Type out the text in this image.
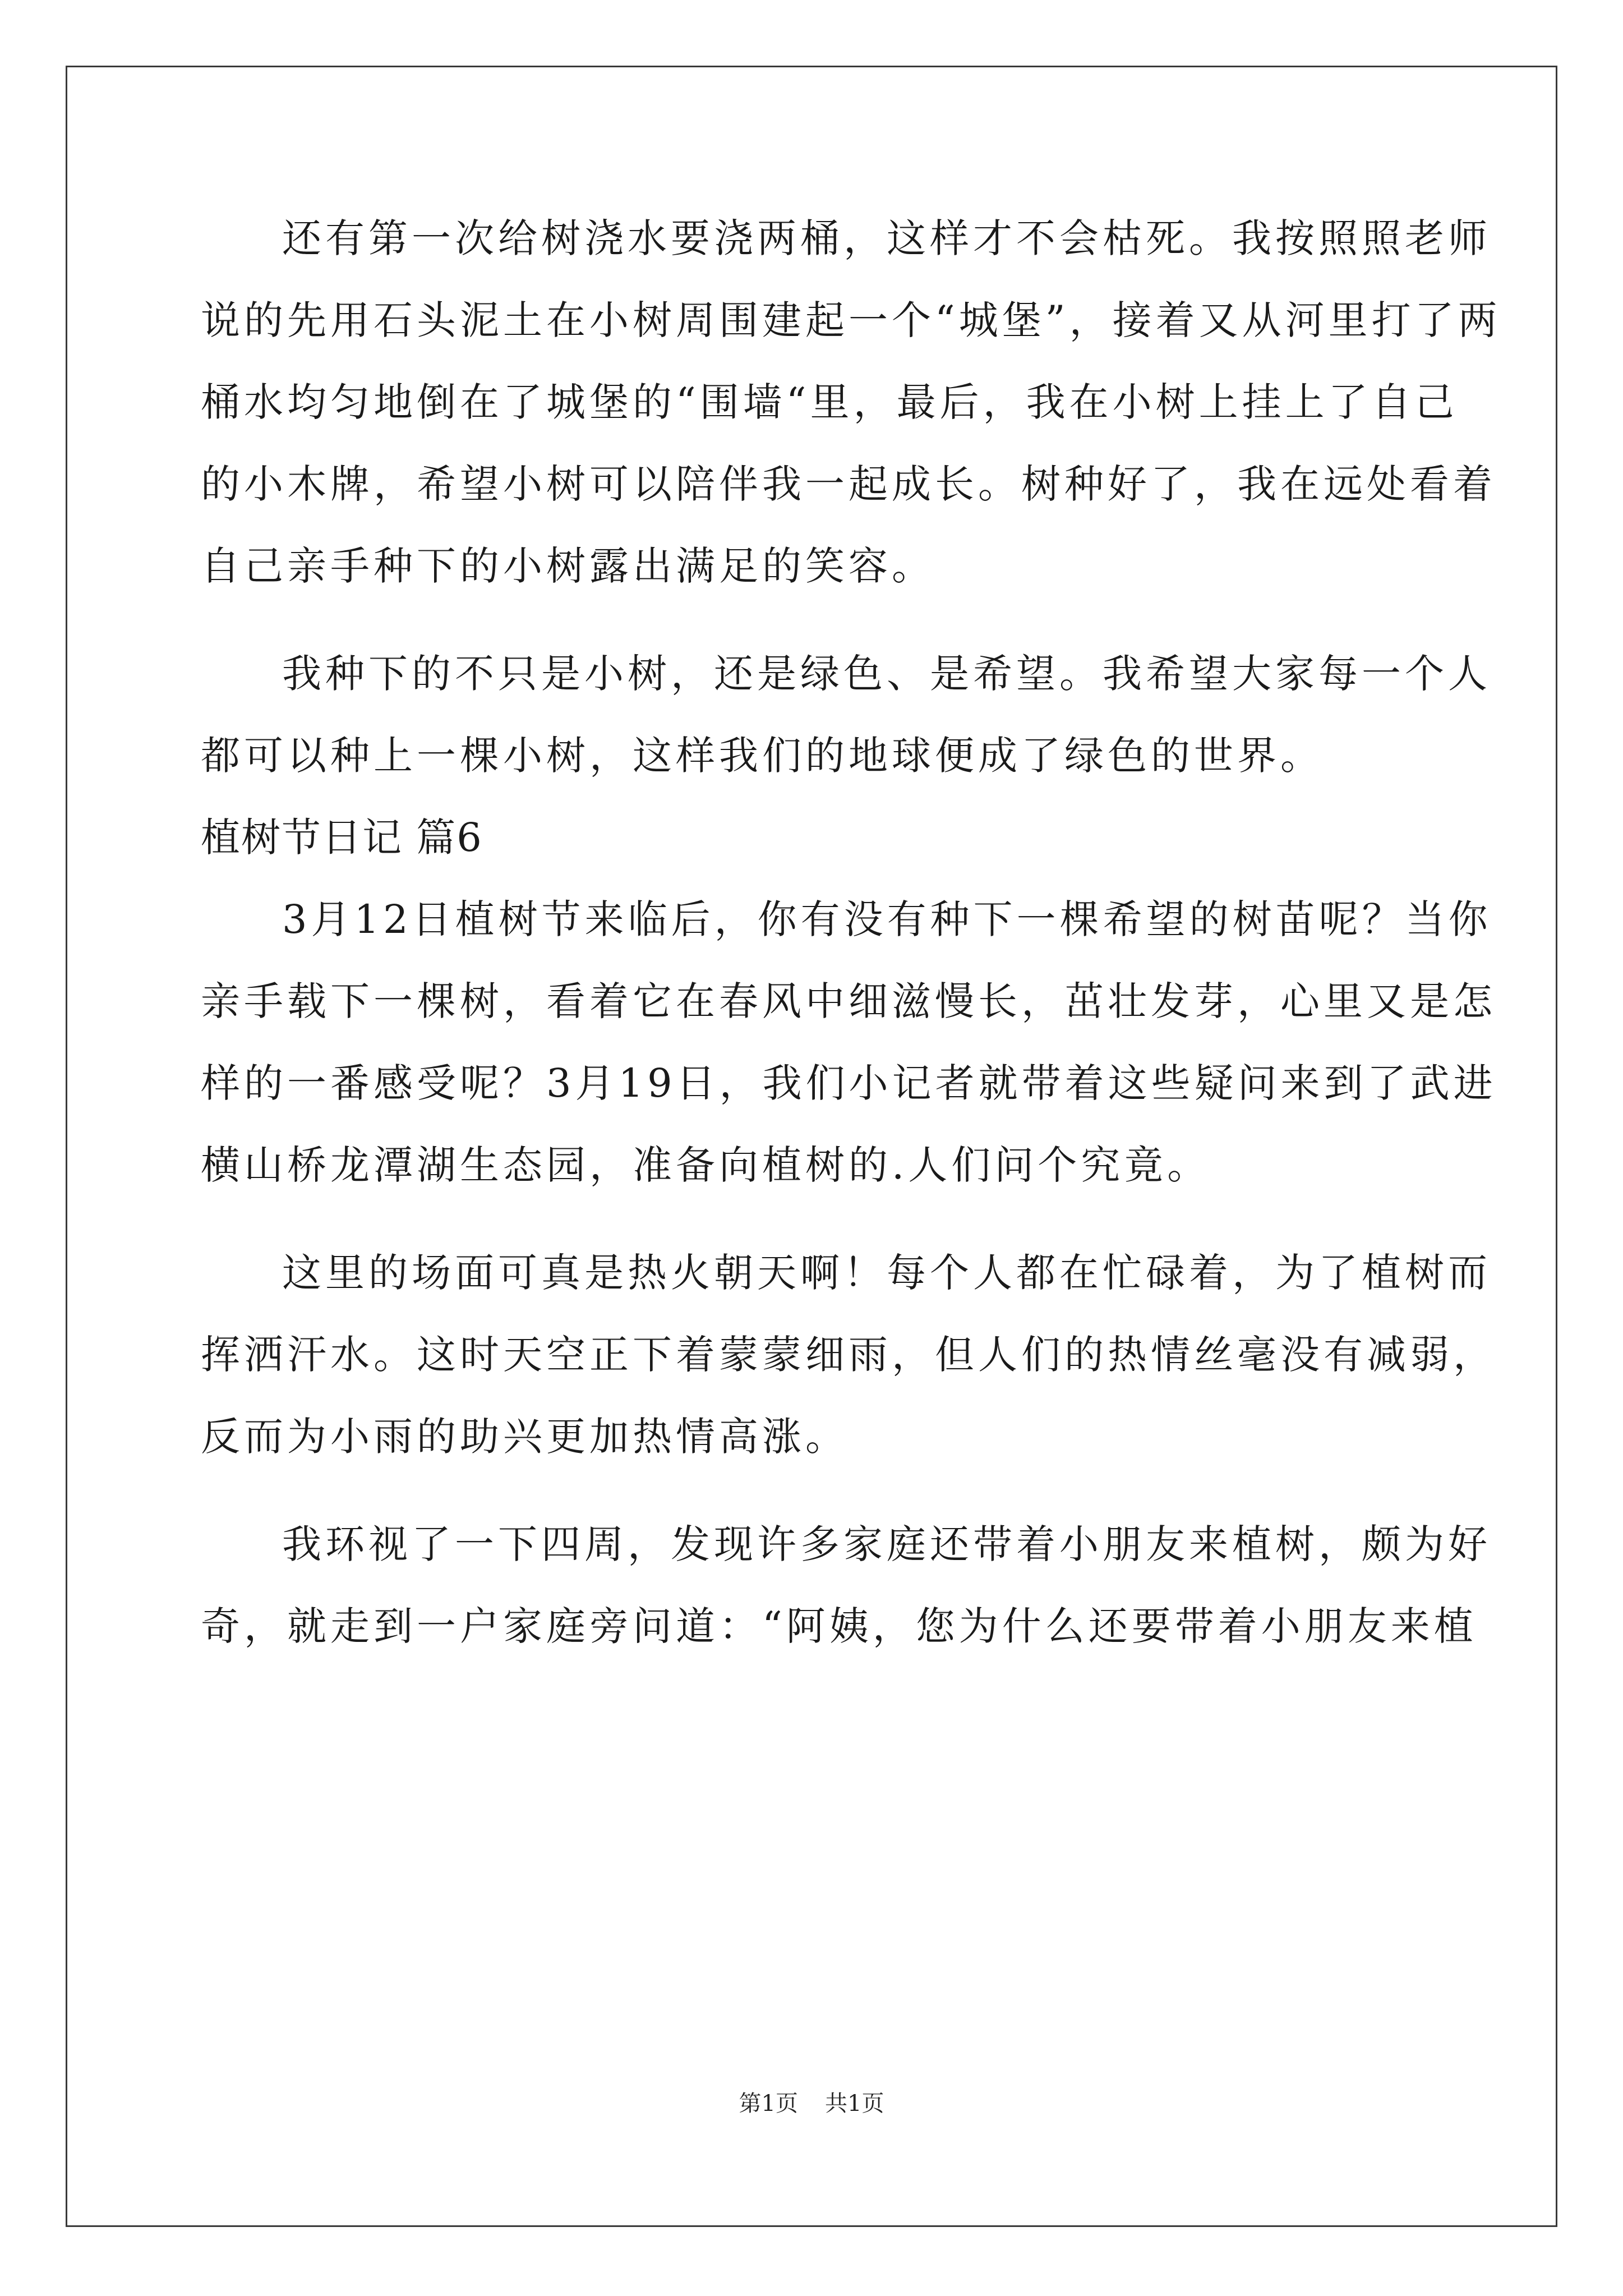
还有第一次给树浇水要浇两桶，这样才不会枯死。我按照照老师
说的先用石头泥土在小树周围建起一个“城堡”，接着又从河里打了两
桶水均匀地倒在了城堡的“围墙“里，最后，我在小树上挂上了自己
的小木牌，希望小树可以陪伴我一起成长。树种好了，我在远处看着
自己亲手种下的小树露出满足的笑容。
我种下的不只是小树，还是绿色、是希望。我希望大家每一个人
都可以种上一棵小树，这样我们的地球便成了绿色的世界。
植树节日记 篇6
3月12日植树节来临后，你有没有种下一棵希望的树苗呢？当你
亲手载下一棵树，看着它在春风中细滋慢长，茁壮发芽，心里又是怎
样的一番感受呢？3月19日，我们小记者就带着这些疑问来到了武进
横山桥龙潭湖生态园，准备向植树的.人们问个究竟。
这里的场面可真是热火朝天啊！每个人都在忙碌着，为了植树而
挥洒汗水。这时天空正下着蒙蒙细雨，但人们的热情丝毫没有减弱，
反而为小雨的助兴更加热情高涨。
我环视了一下四周，发现许多家庭还带着小朋友来植树，颇为好
奇，就走到一户家庭旁问道：“阿姨，您为什么还要带着小朋友来植
第1页 共1页
